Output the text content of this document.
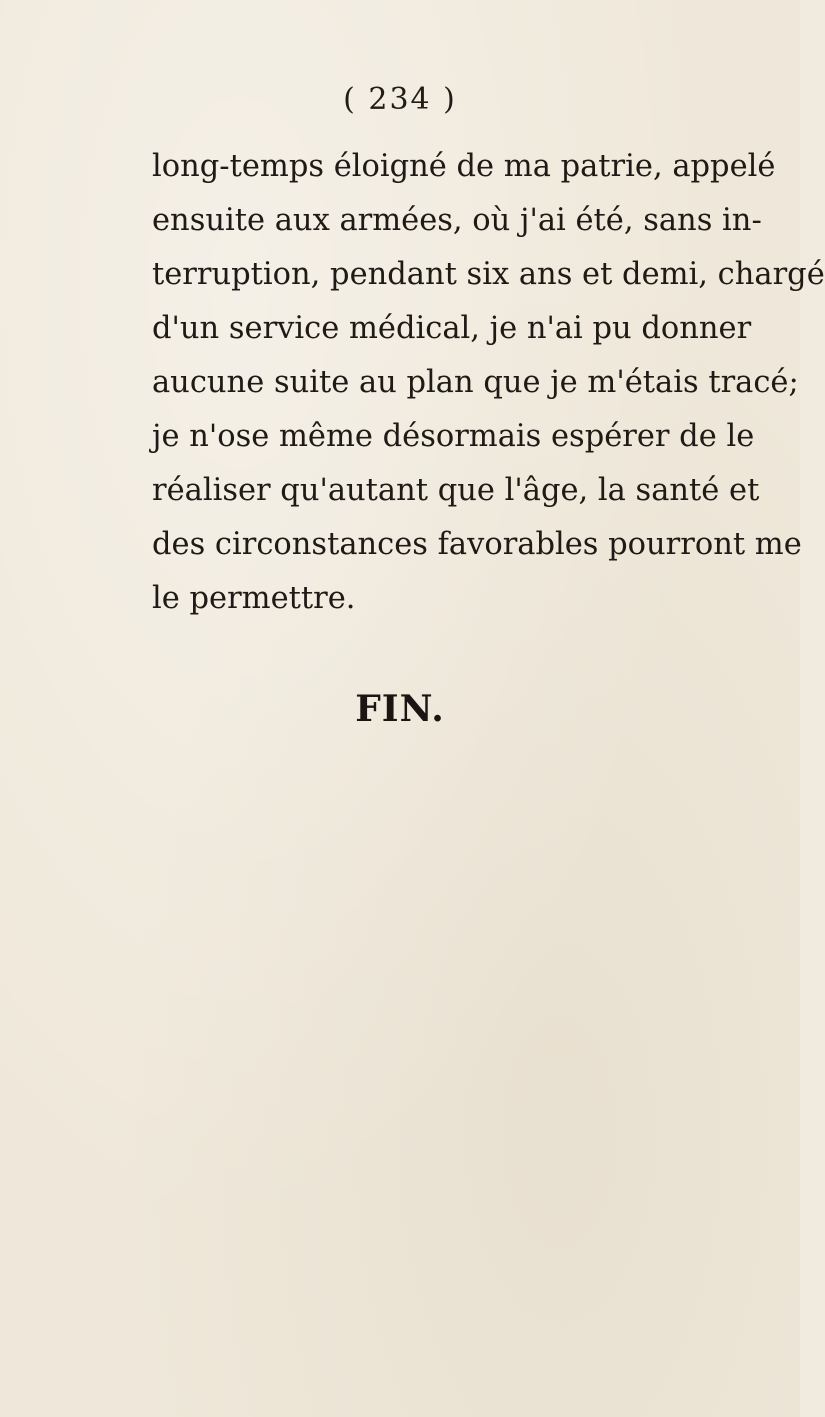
( 234 )
long-temps éloigné de ma patrie, appelé
ensuite aux armées, où j'ai été, sans in-
terruption, pendant six ans et demi, chargé
d'un service médical, je n'ai pu donner
aucune suite au plan que je m'étais tracé;
je n'ose même désormais espérer de le
réaliser qu'autant que l'âge, la santé et
des circonstances favorables pourront me
le permettre.
FIN.
